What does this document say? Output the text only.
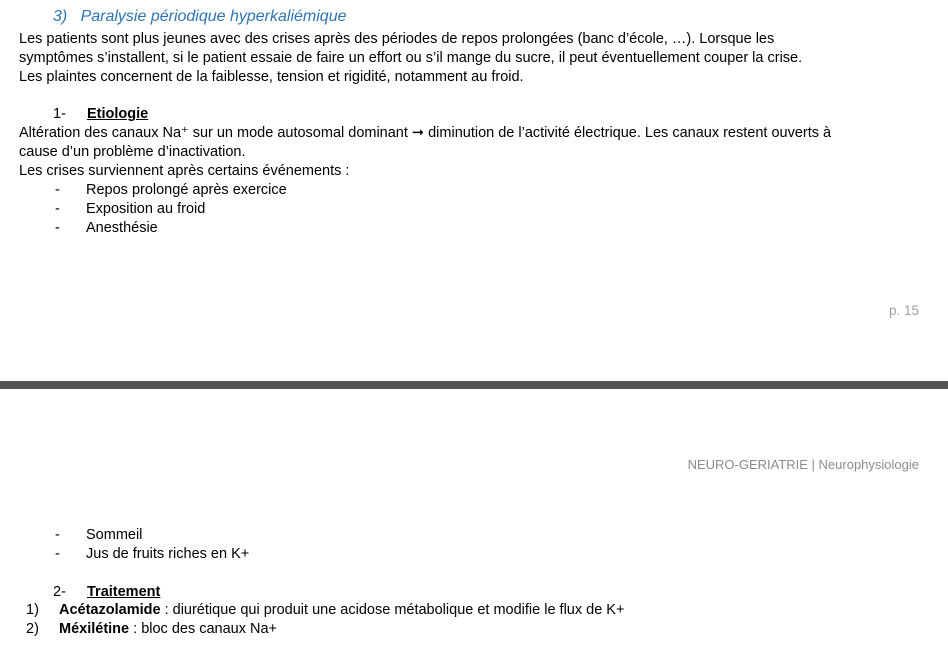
3)   Paralysie périodique hyperkaliémique
Les patients sont plus jeunes avec des crises après des périodes de repos prolongées (banc d’école, …). Lorsque les
symptômes s’installent, si le patient essaie de faire un effort ou s’il mange du sucre, il peut éventuellement couper la crise.
Les plaintes concernent de la faiblesse, tension et rigidité, notamment au froid.
1- Etiologie
Altération des canaux Na⁺ sur un mode autosomal dominant ➞ diminution de l’activité électrique. Les canaux restent ouverts à
cause d’un problème d’inactivation.
Les crises surviennent après certains événements :
- Repos prolongé après exercice
- Exposition au froid
- Anesthésie
p. 15
NEURO-GERIATRIE | Neurophysiologie
- Sommeil
- Jus de fruits riches en K+
2- Traitement
1) Acétazolamide : diurétique qui produit une acidose métabolique et modifie le flux de K+
2) Méxilétine : bloc des canaux Na+
